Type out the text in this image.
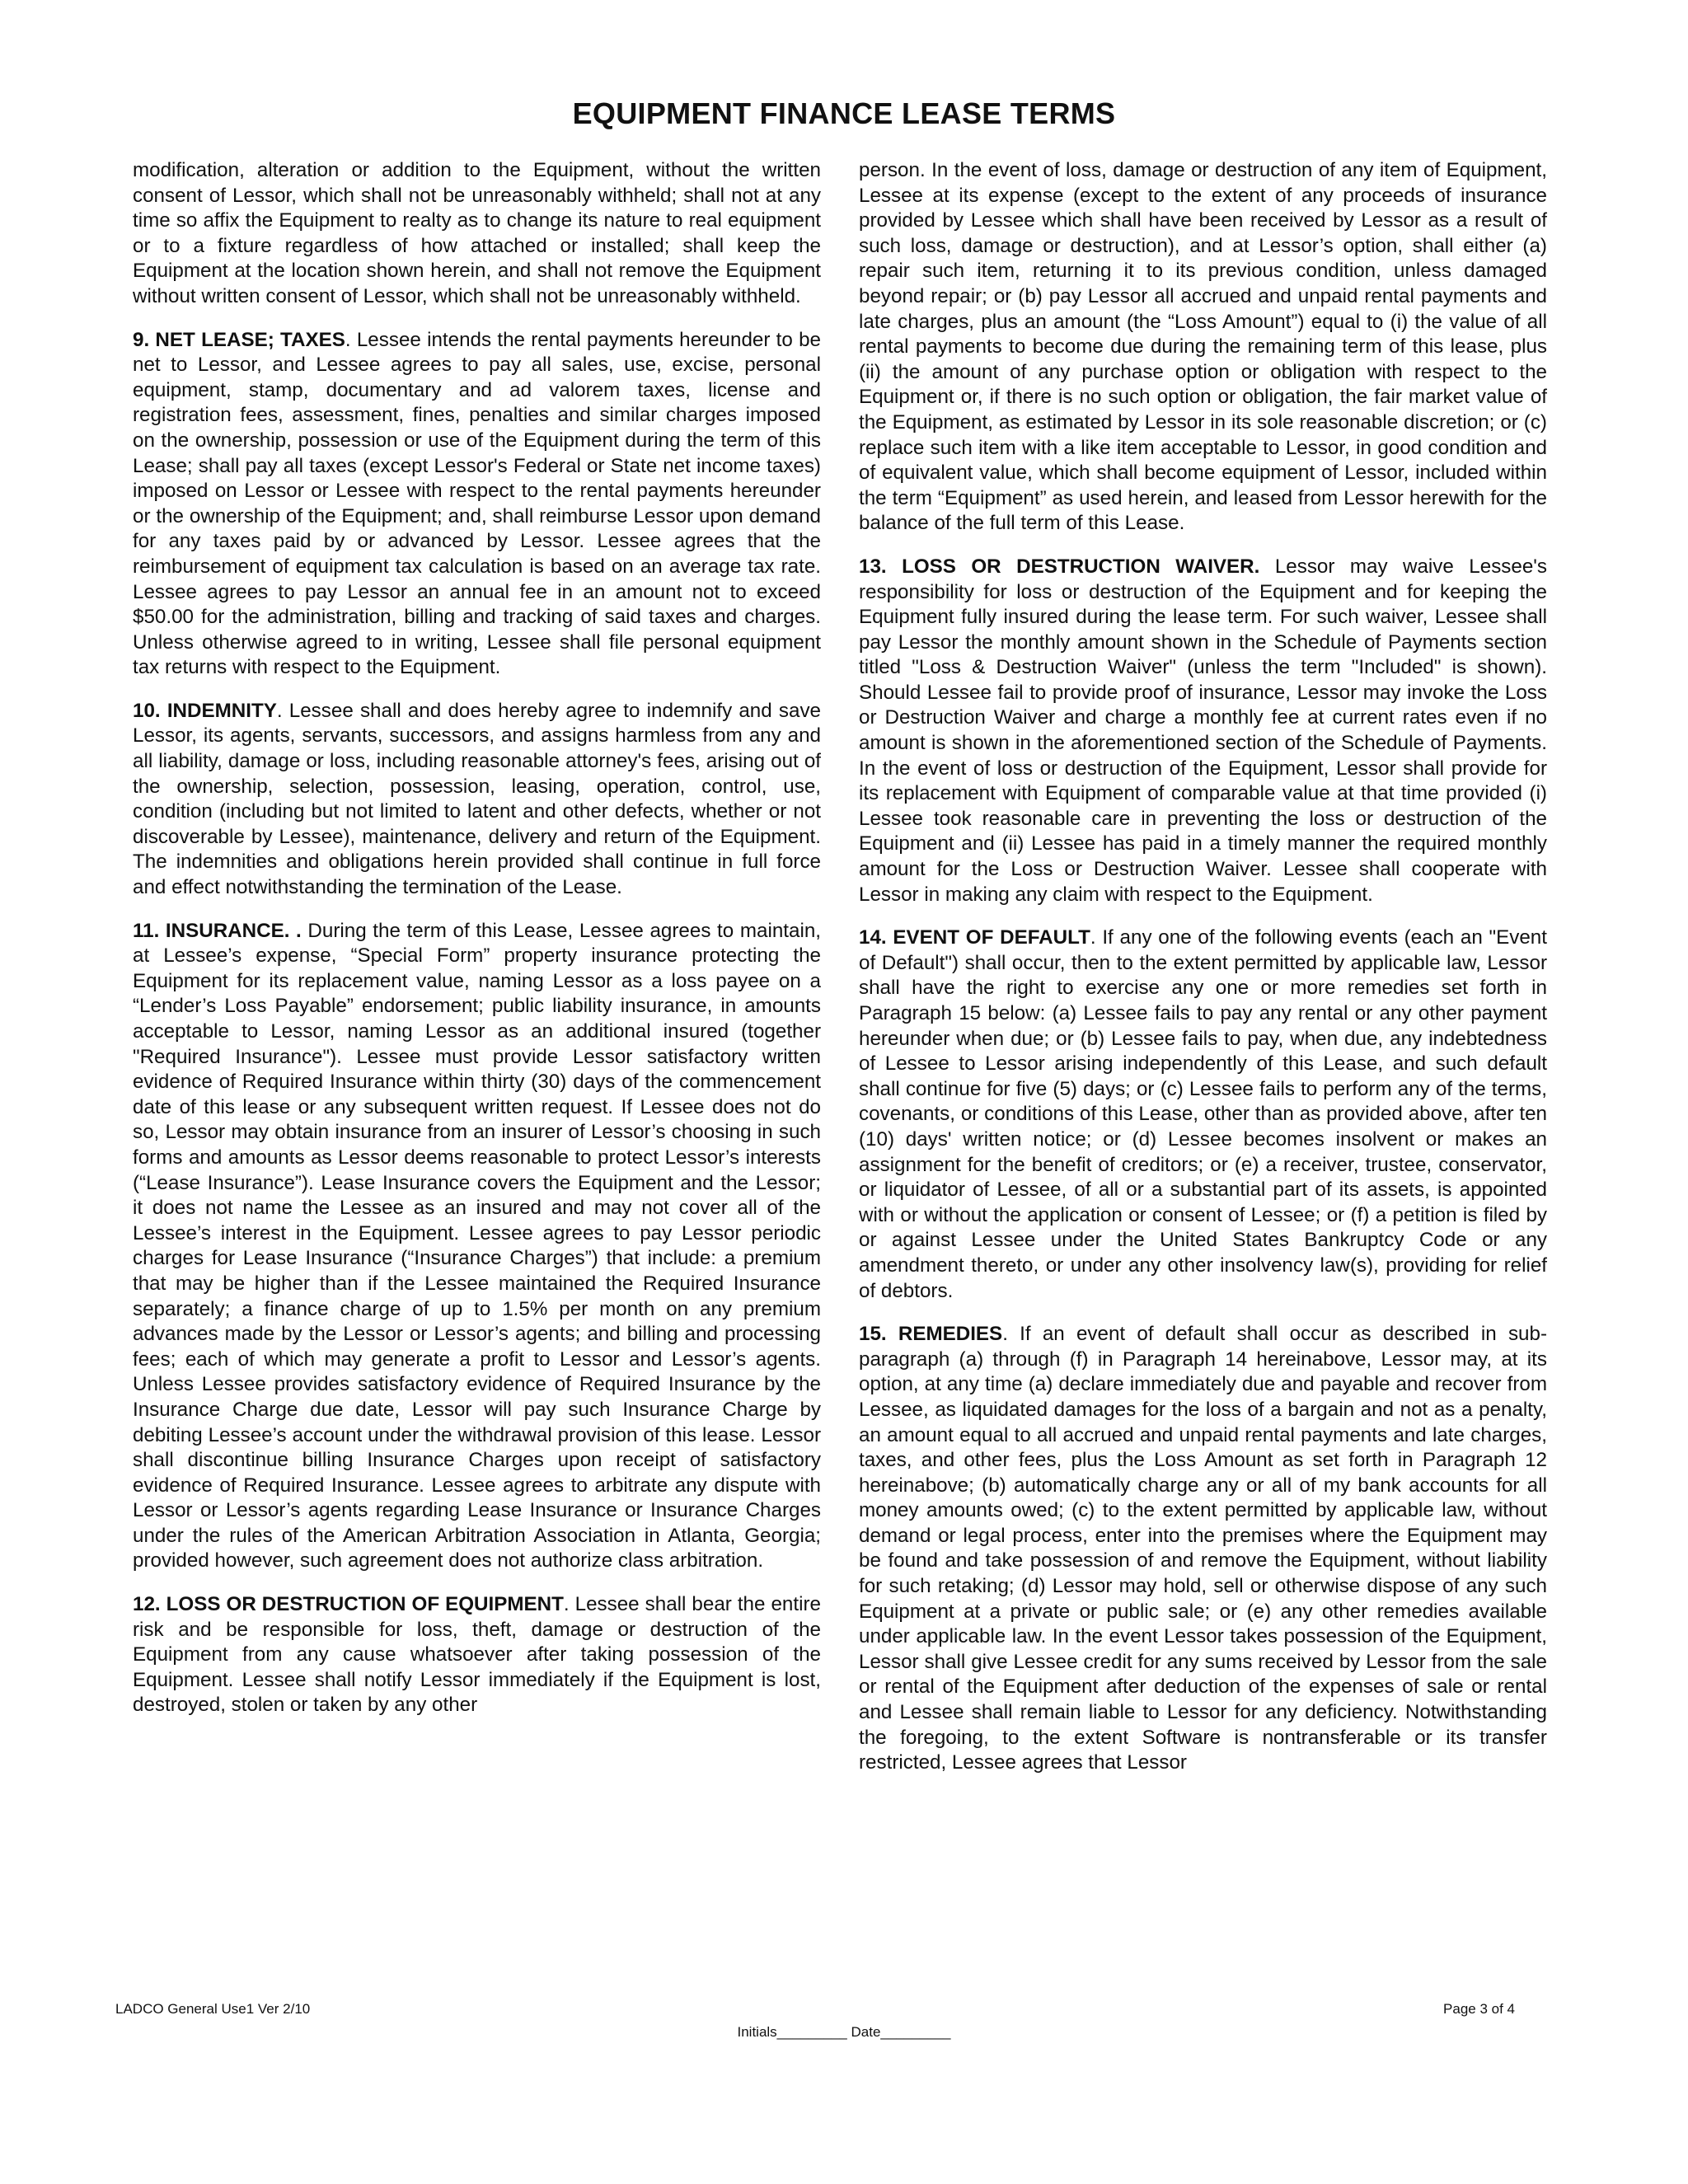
EQUIPMENT FINANCE LEASE TERMS

modification, alteration or addition to the Equipment, without the written consent of Lessor, which shall not be unreasonably withheld; shall not at any time so affix the Equipment to realty as to change its nature to real equipment or to a fixture regardless of how attached or installed; shall keep the Equipment at the location shown herein, and shall not remove the Equipment without written consent of Lessor, which shall not be unreasonably withheld.

9. NET LEASE; TAXES. Lessee intends the rental payments hereunder to be net to Lessor, and Lessee agrees to pay all sales, use, excise, personal equipment, stamp, documentary and ad valorem taxes, license and registration fees, assessment, fines, penalties and similar charges imposed on the ownership, possession or use of the Equipment during the term of this Lease; shall pay all taxes (except Lessor's Federal or State net income taxes) imposed on Lessor or Lessee with respect to the rental payments hereunder or the ownership of the Equipment; and, shall reimburse Lessor upon demand for any taxes paid by or advanced by Lessor. Lessee agrees that the reimbursement of equipment tax calculation is based on an average tax rate. Lessee agrees to pay Lessor an annual fee in an amount not to exceed $50.00 for the administration, billing and tracking of said taxes and charges. Unless otherwise agreed to in writing, Lessee shall file personal equipment tax returns with respect to the Equipment.

10. INDEMNITY. Lessee shall and does hereby agree to indemnify and save Lessor, its agents, servants, successors, and assigns harmless from any and all liability, damage or loss, including reasonable attorney's fees, arising out of the ownership, selection, possession, leasing, operation, control, use, condition (including but not limited to latent and other defects, whether or not discoverable by Lessee), maintenance, delivery and return of the Equipment. The indemnities and obligations herein provided shall continue in full force and effect notwithstanding the termination of the Lease.

11. INSURANCE. . During the term of this Lease, Lessee agrees to maintain, at Lessee’s expense, “Special Form” property insurance protecting the Equipment for its replacement value, naming Lessor as a loss payee on a “Lender’s Loss Payable” endorsement; public liability insurance, in amounts acceptable to Lessor, naming Lessor as an additional insured (together "Required Insurance"). Lessee must provide Lessor satisfactory written evidence of Required Insurance within thirty (30) days of the commencement date of this lease or any subsequent written request. If Lessee does not do so, Lessor may obtain insurance from an insurer of Lessor’s choosing in such forms and amounts as Lessor deems reasonable to protect Lessor’s interests (“Lease Insurance”). Lease Insurance covers the Equipment and the Lessor; it does not name the Lessee as an insured and may not cover all of the Lessee’s interest in the Equipment. Lessee agrees to pay Lessor periodic charges for Lease Insurance (“Insurance Charges”) that include: a premium that may be higher than if the Lessee maintained the Required Insurance separately; a finance charge of up to 1.5% per month on any premium advances made by the Lessor or Lessor’s agents; and billing and processing fees; each of which may generate a profit to Lessor and Lessor’s agents. Unless Lessee provides satisfactory evidence of Required Insurance by the Insurance Charge due date, Lessor will pay such Insurance Charge by debiting Lessee’s account under the withdrawal provision of this lease. Lessor shall discontinue billing Insurance Charges upon receipt of satisfactory evidence of Required Insurance. Lessee agrees to arbitrate any dispute with Lessor or Lessor’s agents regarding Lease Insurance or Insurance Charges under the rules of the American Arbitration Association in Atlanta, Georgia; provided however, such agreement does not authorize class arbitration.

12. LOSS OR DESTRUCTION OF EQUIPMENT. Lessee shall bear the entire risk and be responsible for loss, theft, damage or destruction of the Equipment from any cause whatsoever after taking possession of the Equipment. Lessee shall notify Lessor immediately if the Equipment is lost, destroyed, stolen or taken by any other

person. In the event of loss, damage or destruction of any item of Equipment, Lessee at its expense (except to the extent of any proceeds of insurance provided by Lessee which shall have been received by Lessor as a result of such loss, damage or destruction), and at Lessor’s option, shall either (a) repair such item, returning it to its previous condition, unless damaged beyond repair; or (b) pay Lessor all accrued and unpaid rental payments and late charges, plus an amount (the “Loss Amount”) equal to (i) the value of all rental payments to become due during the remaining term of this lease, plus (ii) the amount of any purchase option or obligation with respect to the Equipment or, if there is no such option or obligation, the fair market value of the Equipment, as estimated by Lessor in its sole reasonable discretion; or (c) replace such item with a like item acceptable to Lessor, in good condition and of equivalent value, which shall become equipment of Lessor, included within the term “Equipment” as used herein, and leased from Lessor herewith for the balance of the full term of this Lease.

13. LOSS OR DESTRUCTION WAIVER. Lessor may waive Lessee's responsibility for loss or destruction of the Equipment and for keeping the Equipment fully insured during the lease term. For such waiver, Lessee shall pay Lessor the monthly amount shown in the Schedule of Payments section titled "Loss & Destruction Waiver" (unless the term "Included" is shown). Should Lessee fail to provide proof of insurance, Lessor may invoke the Loss or Destruction Waiver and charge a monthly fee at current rates even if no amount is shown in the aforementioned section of the Schedule of Payments. In the event of loss or destruction of the Equipment, Lessor shall provide for its replacement with Equipment of comparable value at that time provided (i) Lessee took reasonable care in preventing the loss or destruction of the Equipment and (ii) Lessee has paid in a timely manner the required monthly amount for the Loss or Destruction Waiver. Lessee shall cooperate with Lessor in making any claim with respect to the Equipment.

14. EVENT OF DEFAULT. If any one of the following events (each an "Event of Default") shall occur, then to the extent permitted by applicable law, Lessor shall have the right to exercise any one or more remedies set forth in Paragraph 15 below: (a) Lessee fails to pay any rental or any other payment hereunder when due; or (b) Lessee fails to pay, when due, any indebtedness of Lessee to Lessor arising independently of this Lease, and such default shall continue for five (5) days; or (c) Lessee fails to perform any of the terms, covenants, or conditions of this Lease, other than as provided above, after ten (10) days' written notice; or (d) Lessee becomes insolvent or makes an assignment for the benefit of creditors; or (e) a receiver, trustee, conservator, or liquidator of Lessee, of all or a substantial part of its assets, is appointed with or without the application or consent of Lessee; or (f) a petition is filed by or against Lessee under the United States Bankruptcy Code or any amendment thereto, or under any other insolvency law(s), providing for relief of debtors.

15. REMEDIES. If an event of default shall occur as described in sub-paragraph (a) through (f) in Paragraph 14 hereinabove, Lessor may, at its option, at any time (a) declare immediately due and payable and recover from Lessee, as liquidated damages for the loss of a bargain and not as a penalty, an amount equal to all accrued and unpaid rental payments and late charges, taxes, and other fees, plus the Loss Amount as set forth in Paragraph 12 hereinabove; (b) automatically charge any or all of my bank accounts for all money amounts owed; (c) to the extent permitted by applicable law, without demand or legal process, enter into the premises where the Equipment may be found and take possession of and remove the Equipment, without liability for such retaking; (d) Lessor may hold, sell or otherwise dispose of any such Equipment at a private or public sale; or (e) any other remedies available under applicable law. In the event Lessor takes possession of the Equipment, Lessor shall give Lessee credit for any sums received by Lessor from the sale or rental of the Equipment after deduction of the expenses of sale or rental and Lessee shall remain liable to Lessor for any deficiency. Notwithstanding the foregoing, to the extent Software is nontransferable or its transfer restricted, Lessee agrees that Lessor

LADCO General Use1 Ver 2/10	Page 3 of 4
Initials_________ Date_________
